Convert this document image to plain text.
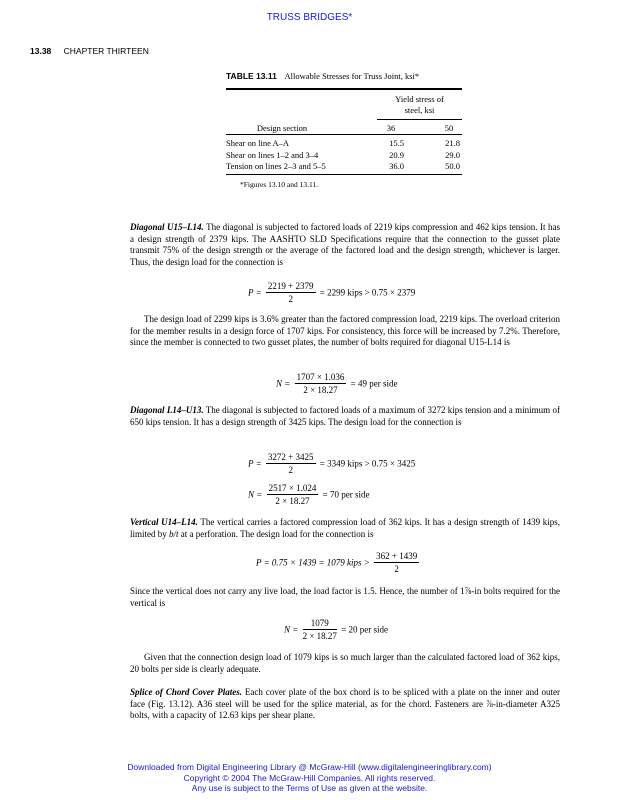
TRUSS BRIDGES*
13.38 CHAPTER THIRTEEN
TABLE 13.11 Allowable Stresses for Truss Joint, ksi*
Yield stress of
steel, ksi
Design section	36	50
Shear on line A–A	15.5	21.8
Shear on lines 1–2 and 3–4	20.9	29.0
Tension on lines 2–3 and 5–5	36.0	50.0
*Figures 13.10 and 13.11.
Diagonal U15–L14. The diagonal is subjected to factored loads of 2219 kips compression and 462 kips tension. It has a design strength of 2379 kips. The AASHTO SLD Specifications require that the connection to the gusset plate transmit 75% of the design strength or the average of the factored load and the design strength, whichever is larger. Thus, the design load for the connection is
$P = \frac{2219 + 2379}{2} = 2299$ kips > 0.75 × 2379
The design load of 2299 kips is 3.6% greater than the factored compression load, 2219 kips. The overload criterion for the member results in a design force of 1707 kips. For consistency, this force will be increased by 7.2%. Therefore, since the member is connected to two gusset plates, the number of bolts required for diagonal U15-L14 is
$N = \frac{1707 \times 1.036}{2 \times 18.27} = 49$ per side
Diagonal L14–U13. The diagonal is subjected to factored loads of a maximum of 3272 kips tension and a minimum of 650 kips tension. It has a design strength of 3425 kips. The design load for the connection is
$P = \frac{3272 + 3425}{2} = 3349$ kips > 0.75 × 3425
$N = \frac{2517 \times 1.024}{2 \times 18.27} = 70$ per side
Vertical U14–L14. The vertical carries a factored compression load of 362 kips. It has a design strength of 1439 kips, limited by b/t at a perforation. The design load for the connection is
P = 0.75 × 1439 = 1079 kips > $\frac{362 + 1439}{2}$
Since the vertical does not carry any live load, the load factor is 1.5. Hence, the number of 1⅞-in bolts required for the vertical is
$N = \frac{1079}{2 \times 18.27} = 20$ per side
Given that the connection design load of 1079 kips is so much larger than the calculated factored load of 362 kips, 20 bolts per side is clearly adequate.
Splice of Chord Cover Plates. Each cover plate of the box chord is to be spliced with a plate on the inner and outer face (Fig. 13.12). A36 steel will be used for the splice material, as for the chord. Fasteners are ⅞-in-diameter A325 bolts, with a capacity of 12.63 kips per shear plane.
Downloaded from Digital Engineering Library @ McGraw-Hill (www.digitalengineeringlibrary.com)
Copyright © 2004 The McGraw-Hill Companies. All rights reserved.
Any use is subject to the Terms of Use as given at the website.
